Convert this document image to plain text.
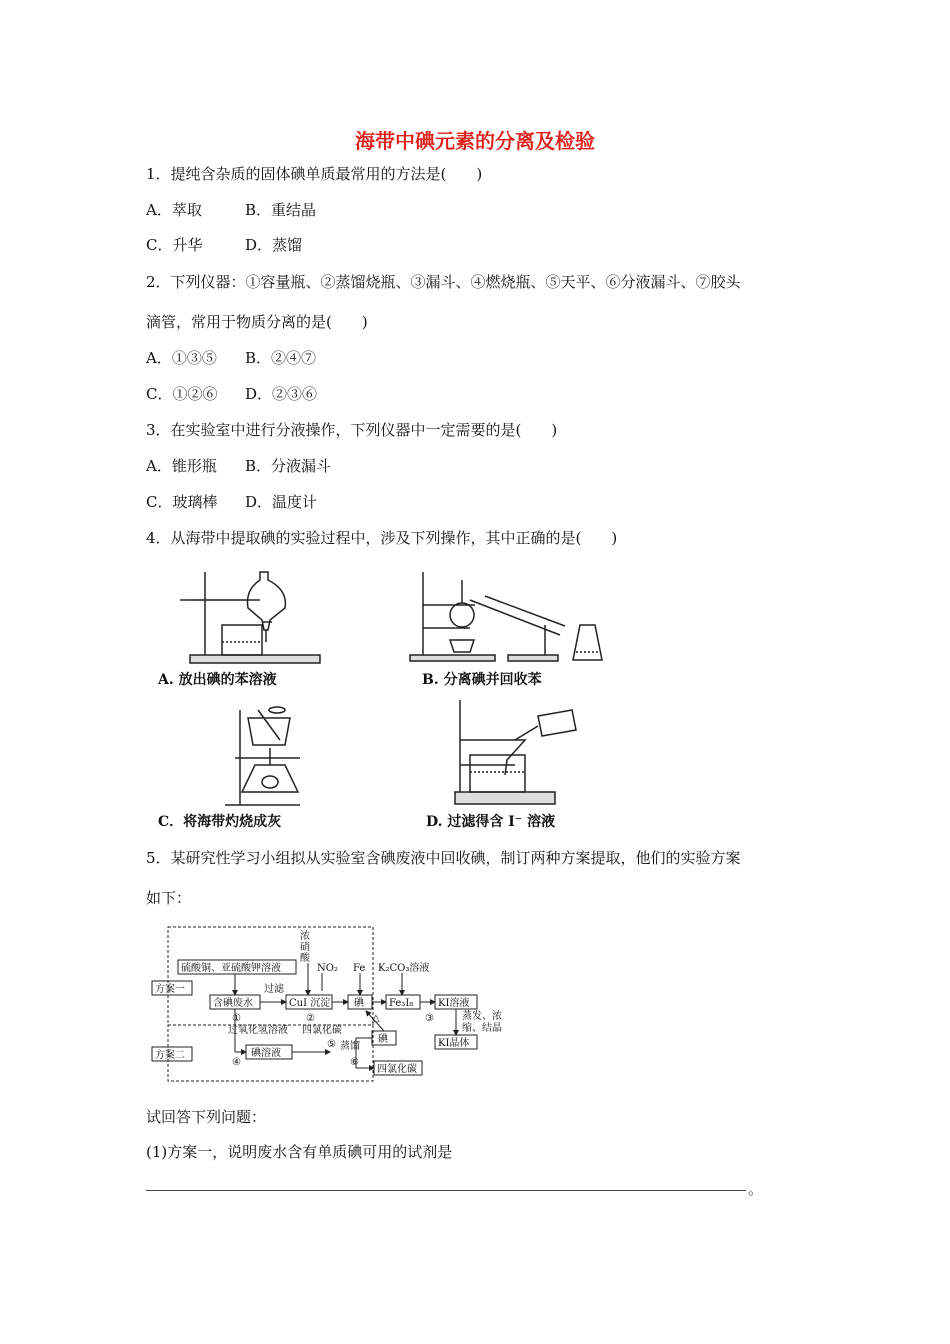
海带中碘元素的分离及检验
1．提纯含杂质的固体碘单质最常用的方法是(　　)
A．萃取	B．重结晶
C．升华	D．蒸馏
2．下列仪器：①容量瓶、②蒸馏烧瓶、③漏斗、④燃烧瓶、⑤天平、⑥分液漏斗、⑦胶头
滴管，常用于物质分离的是(　　)
A．①③⑤ B．②④⑦
C．①②⑥ D．②③⑥
3．在实验室中进行分液操作，下列仪器中一定需要的是(　　)
A．锥形瓶 B．分液漏斗
C．玻璃棒 D．温度计
4．从海带中提取碘的实验过程中，涉及下列操作，其中正确的是(　　)
A. 放出碘的苯溶液	B. 分离碘并回收苯
C．将海带灼烧成灰	D. 过滤得含 I⁻ 溶液
5．某研究性学习小组拟从实验室含碘废液中回收碘，制订两种方案提取，他们的实验方案
如下：
方案一
方案二
硫酸铜、亚硫酸钾溶液
浓
硝
酸
NO₂ Fe K₂CO₃溶液
含碘废水
过滤
CuI 沉淀 碘	Fe₃I₈ KI溶液
①	②	③
△	蒸发、浓
缩、结晶
KI晶体
过氧化氢溶液 四氯化碳
④
碘溶液
⑤ 蒸馏
碘
⑥
四氯化碳
试回答下列问题：
(1)方案一，说明废水含有单质碘可用的试剂是
。
